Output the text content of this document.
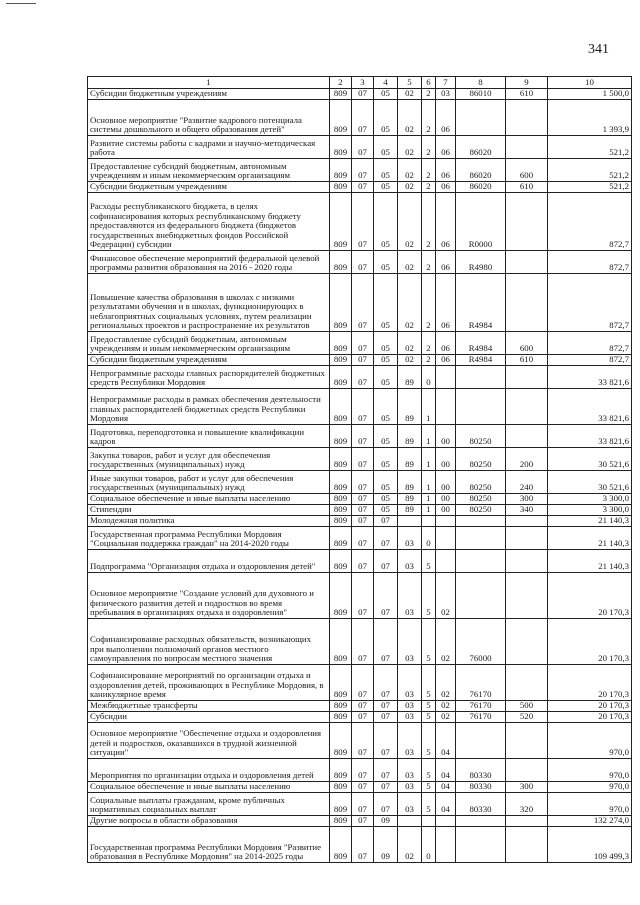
341
1	2	3	4	5	6	7	8	9	10
Субсидии бюджетным учреждениям	809	07	05	02	2	03	86010	610	1 500,0
Основное мероприятие "Развитие кадрового потенциала системы дошкольного и общего образования детей"	809	07	05	02	2	06			1 393,9
Развитие системы работы с кадрами и научно-методическая работа	809	07	05	02	2	06	86020		521,2
Предоставление субсидий бюджетным, автономным учреждениям и иным некоммерческим организациям	809	07	05	02	2	06	86020	600	521,2
Субсидии бюджетным учреждениям	809	07	05	02	2	06	86020	610	521,2
Расходы республиканского бюджета, в целях софинансирования которых республиканскому бюджету предоставляются из федерального бюджета (бюджетов государственных внебюджетных фондов Российской Федерации) субсидии	809	07	05	02	2	06	R0000		872,7
Финансовое обеспечение мероприятий федеральной целевой программы развития образования на 2016 - 2020 годы	809	07	05	02	2	06	R4980		872,7
Повышение качества образования в школах с низкими результатами обучения и в школах, функционирующих в неблагоприятных социальных условиях, путем реализации региональных проектов и распространение их результатов	809	07	05	02	2	06	R4984		872,7
Предоставление субсидий бюджетным, автономным учреждениям и иным некоммерческим организациям	809	07	05	02	2	06	R4984	600	872,7
Субсидии бюджетным учреждениям	809	07	05	02	2	06	R4984	610	872,7
Непрограммные расходы главных распорядителей бюджетных средств Республики Мордовия	809	07	05	89	0				33 821,6
Непрограммные расходы в рамках обеспечения деятельности главных распорядителей бюджетных средств Республики Мордовия	809	07	05	89	1				33 821,6
Подготовка, переподготовка и повышение квалификации кадров	809	07	05	89	1	00	80250		33 821,6
Закупка товаров, работ и услуг для обеспечения государственных (муниципальных) нужд	809	07	05	89	1	00	80250	200	30 521,6
Иные закупки товаров, работ и услуг для обеспечения государственных (муниципальных) нужд	809	07	05	89	1	00	80250	240	30 521,6
Социальное обеспечение и иные выплаты населению	809	07	05	89	1	00	80250	300	3 300,0
Стипендии	809	07	05	89	1	00	80250	340	3 300,0
Молодежная политика	809	07	07						21 140,3
Государственная программа Республики Мордовия "Социальная поддержка граждан" на 2014-2020 годы	809	07	07	03	0				21 140,3
Подпрограмма "Организация отдыха и оздоровления детей"	809	07	07	03	5				21 140,3
Основное мероприятие "Создание условий для духовного и физического развития детей и подростков во время пребывания в организациях отдыха и оздоровления"	809	07	07	03	5	02			20 170,3
Софинансирование расходных обязательств, возникающих при выполнении полномочий органов местного самоуправления по вопросам местного значения	809	07	07	03	5	02	76000		20 170,3
Софинансирование мероприятий по организации отдыха и оздоровления детей, проживающих в Республике Мордовия, в каникулярное время	809	07	07	03	5	02	76170		20 170,3
Межбюджетные трансферты	809	07	07	03	5	02	76170	500	20 170,3
Субсидии	809	07	07	03	5	02	76170	520	20 170,3
Основное мероприятие "Обеспечение отдыха и оздоровления детей и подростков, оказавшихся в трудной жизненной ситуации"	809	07	07	03	5	04			970,0
Мероприятия по организации отдыха и оздоровления детей	809	07	07	03	5	04	80330		970,0
Социальное обеспечение и иные выплаты населению	809	07	07	03	5	04	80330	300	970,0
Социальные выплаты гражданам, кроме публичных нормативных социальных выплат	809	07	07	03	5	04	80330	320	970,0
Другие вопросы в области образования	809	07	09						132 274,0
Государственная программа Республики Мордовия "Развитие образования в Республике Мордовия" на 2014-2025 годы	809	07	09	02	0				109 499,3
